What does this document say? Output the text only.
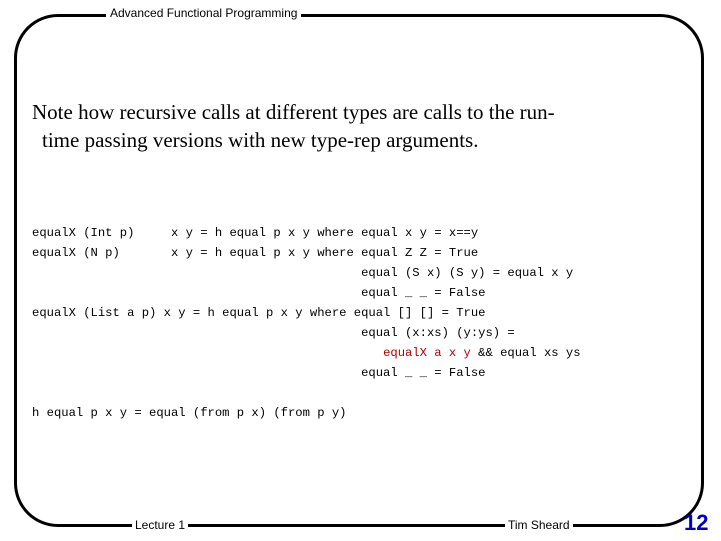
Advanced Functional Programming
Note how recursive calls at different types are calls to the run-
time passing versions with new type-rep arguments.
equalX (Int p)     x y = h equal p x y where equal x y = x==y
equalX (N p)       x y = h equal p x y where equal Z Z = True
equal (S x) (S y) = equal x y
equal _ _ = False
equalX (List a p) x y = h equal p x y where equal [] [] = True
equal (x:xs) (y:ys) =
equalX a x y && equal xs ys
equal _ _ = False
h equal p x y = equal (from p x) (from p y)
Lecture 1	Tim Sheard	12
